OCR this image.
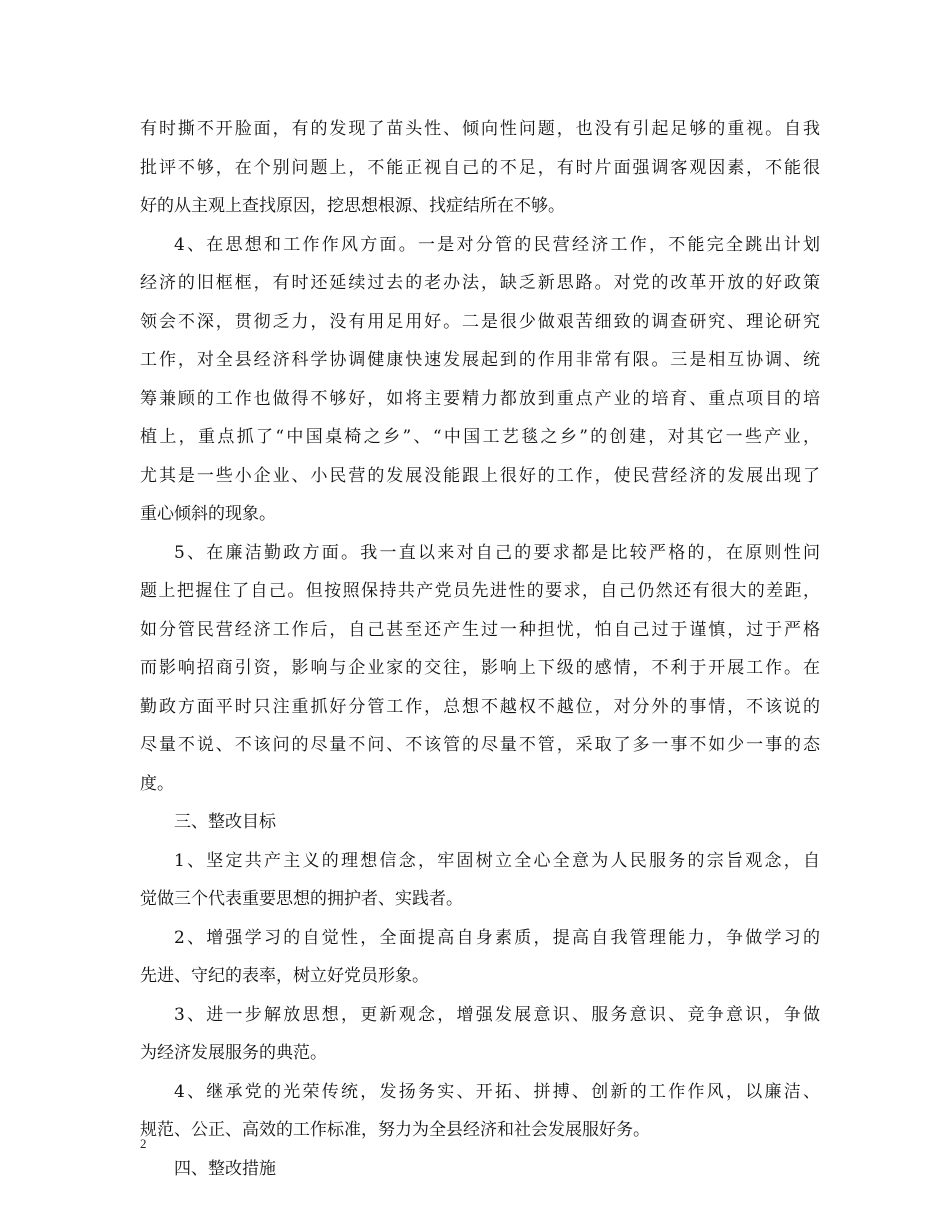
有时撕不开脸面，有的发现了苗头性、倾向性问题，也没有引起足够的重视。自我
批评不够，在个别问题上，不能正视自己的不足，有时片面强调客观因素，不能很
好的从主观上查找原因，挖思想根源、找症结所在不够。
4、在思想和工作作风方面。一是对分管的民营经济工作，不能完全跳出计划
经济的旧框框，有时还延续过去的老办法，缺乏新思路。对党的改革开放的好政策
领会不深，贯彻乏力，没有用足用好。二是很少做艰苦细致的调查研究、理论研究
工作，对全县经济科学协调健康快速发展起到的作用非常有限。三是相互协调、统
筹兼顾的工作也做得不够好，如将主要精力都放到重点产业的培育、重点项目的培
植上，重点抓了“中国桌椅之乡”、“中国工艺毯之乡”的创建，对其它一些产业，
尤其是一些小企业、小民营的发展没能跟上很好的工作，使民营经济的发展出现了
重心倾斜的现象。
5、在廉洁勤政方面。我一直以来对自己的要求都是比较严格的，在原则性问
题上把握住了自己。但按照保持共产党员先进性的要求，自己仍然还有很大的差距，
如分管民营经济工作后，自己甚至还产生过一种担忧，怕自己过于谨慎，过于严格
而影响招商引资，影响与企业家的交往，影响上下级的感情，不利于开展工作。在
勤政方面平时只注重抓好分管工作，总想不越权不越位，对分外的事情，不该说的
尽量不说、不该问的尽量不问、不该管的尽量不管，采取了多一事不如少一事的态
度。
三、整改目标
1、坚定共产主义的理想信念，牢固树立全心全意为人民服务的宗旨观念，自
觉做三个代表重要思想的拥护者、实践者。
2、增强学习的自觉性，全面提高自身素质，提高自我管理能力，争做学习的
先进、守纪的表率，树立好党员形象。
3、进一步解放思想，更新观念，增强发展意识、服务意识、竞争意识，争做
为经济发展服务的典范。
4、继承党的光荣传统，发扬务实、开拓、拼搏、创新的工作作风，以廉洁、
规范、公正、高效的工作标准，努力为全县经济和社会发展服好务。
四、整改措施
2
